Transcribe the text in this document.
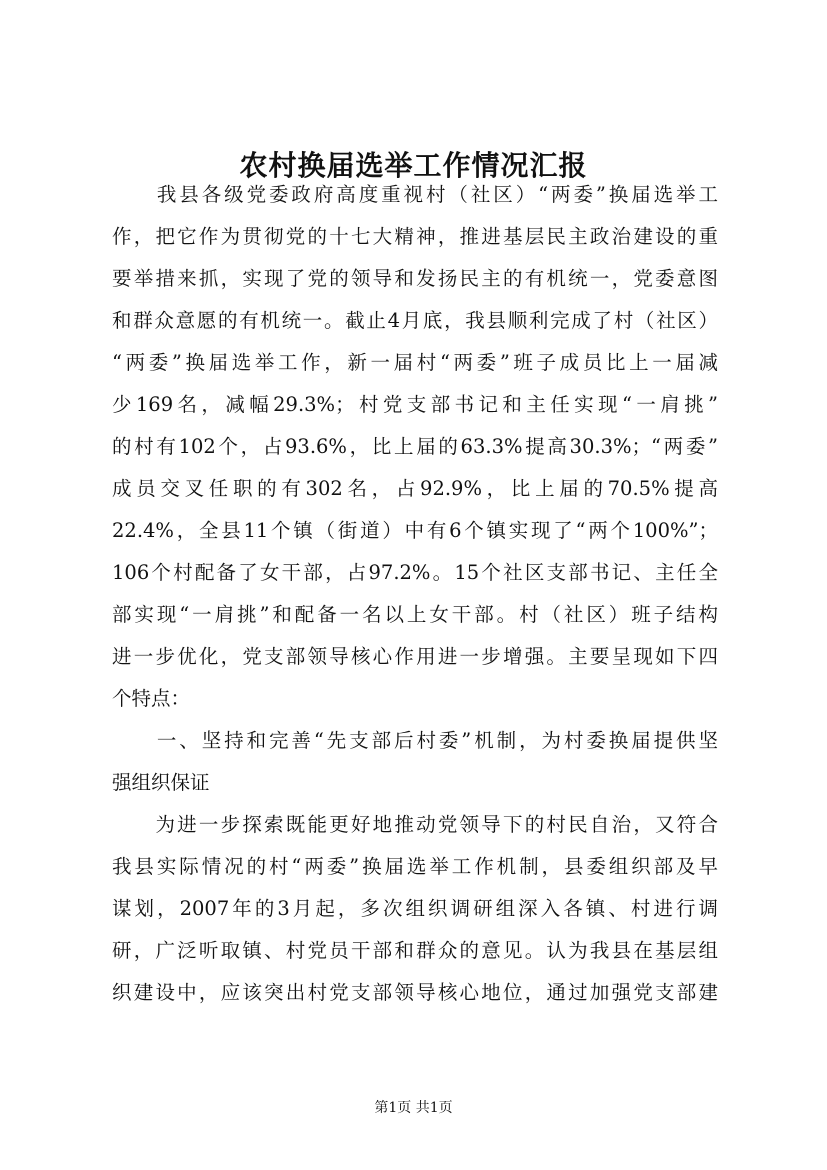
农村换届选举工作情况汇报
　　我县各级党委政府高度重视村（社区）“两委”换届选举工
作，把它作为贯彻党的十七大精神，推进基层民主政治建设的重
要举措来抓，实现了党的领导和发扬民主的有机统一，党委意图
和群众意愿的有机统一。截止4月底，我县顺利完成了村（社区）
“两委”换届选举工作，新一届村“两委”班子成员比上一届减
少169名，减幅29.3%；村党支部书记和主任实现“一肩挑”
的村有102个，占93.6%，比上届的63.3%提高30.3%；“两委”
成员交叉任职的有302名，占92.9%，比上届的70.5%提高
22.4%，全县11个镇（街道）中有6个镇实现了“两个100%”；
106个村配备了女干部，占97.2%。15个社区支部书记、主任全
部实现“一肩挑”和配备一名以上女干部。村（社区）班子结构
进一步优化，党支部领导核心作用进一步增强。主要呈现如下四
个特点：
　　一、坚持和完善“先支部后村委”机制，为村委换届提供坚
强组织保证
　　为进一步探索既能更好地推动党领导下的村民自治，又符合
我县实际情况的村“两委”换届选举工作机制，县委组织部及早
谋划，2007年的3月起，多次组织调研组深入各镇、村进行调
研，广泛听取镇、村党员干部和群众的意见。认为我县在基层组
织建设中，应该突出村党支部领导核心地位，通过加强党支部建
第1页 共1页
